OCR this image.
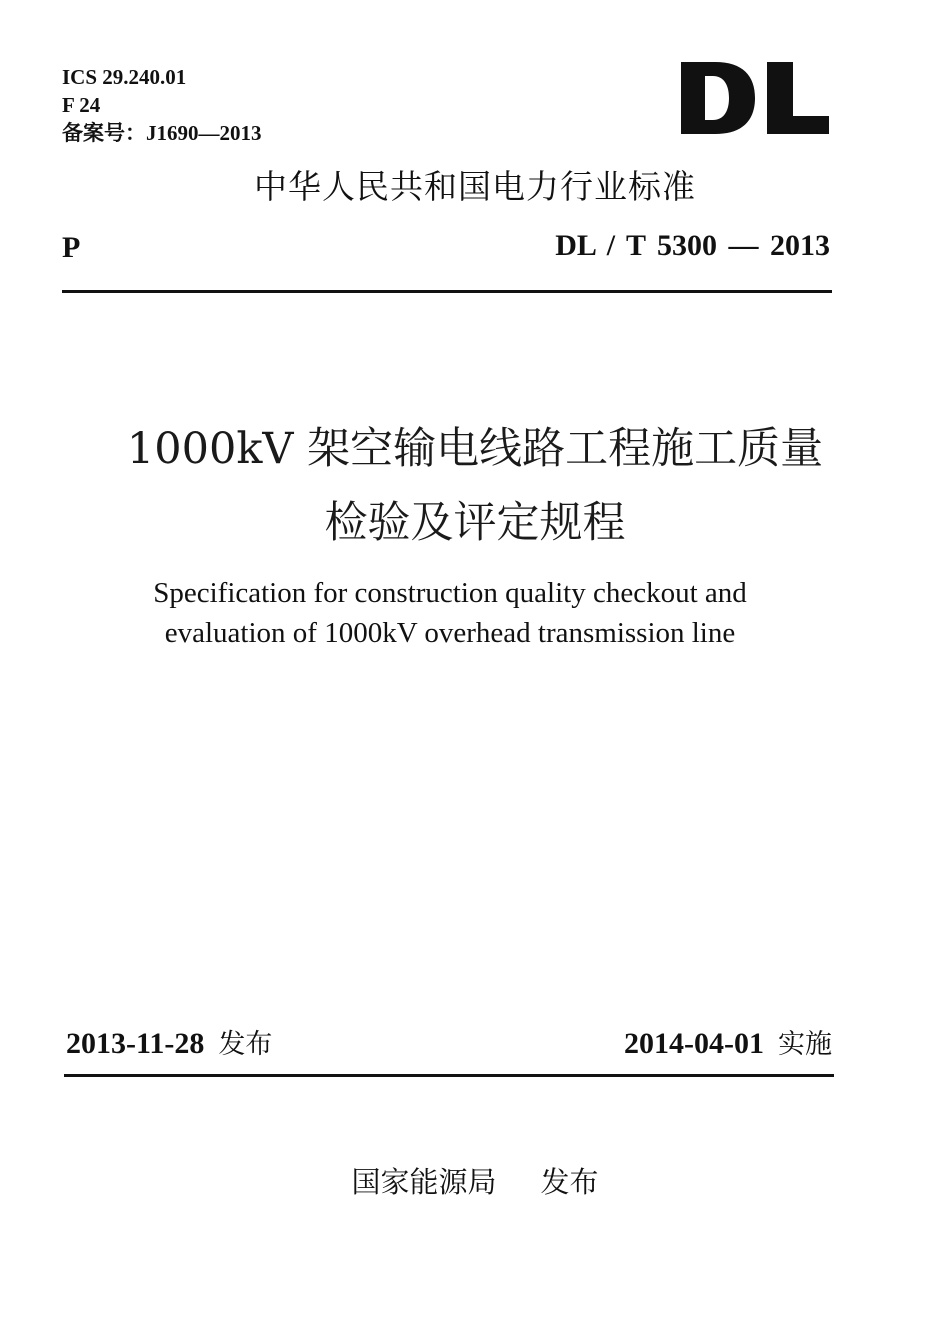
ICS 29.240.01
F 24
备案号：J1690—2013
中华人民共和国电力行业标准
P	DL / T 5300 — 2013
1000kV 架空输电线路工程施工质量
检验及评定规程
Specification for construction quality checkout and
evaluation of 1000kV overhead transmission line
2013-11-28 发布	2014-04-01 实施
国家能源局 发布
